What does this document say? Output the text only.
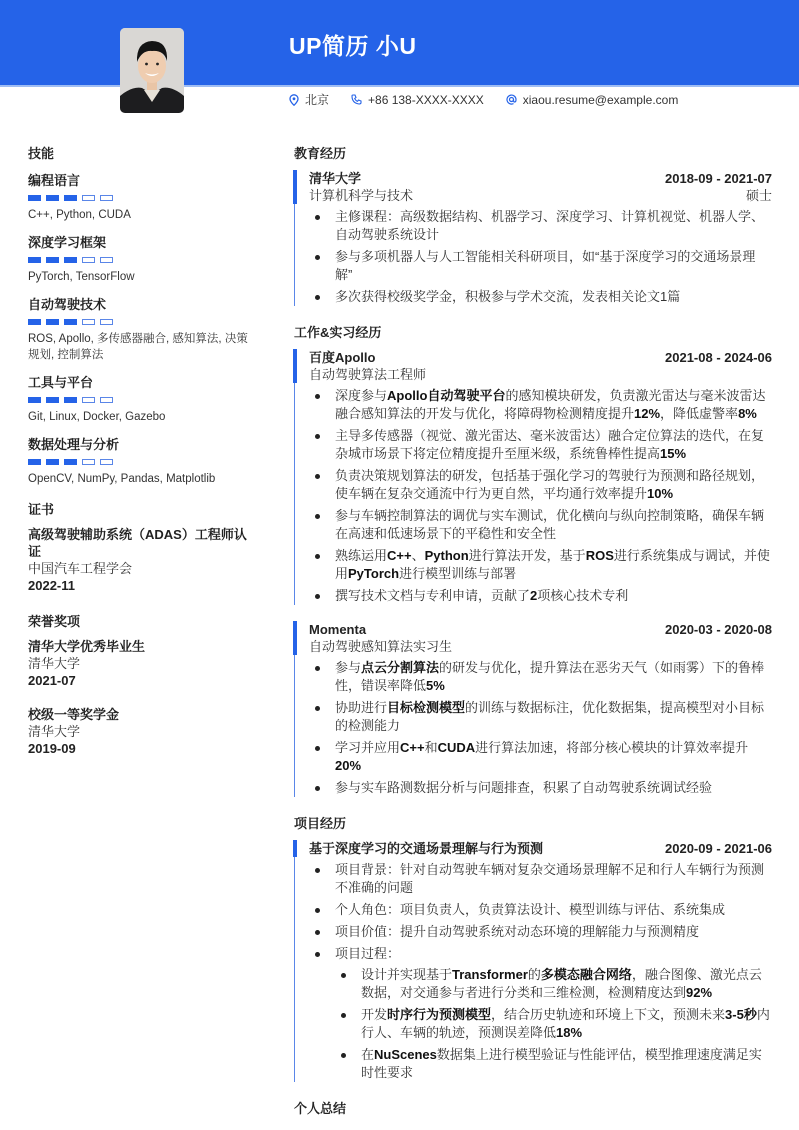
UP简历 小U
北京	+86 138-XXXX-XXXX	xiaou.resume@example.com
技能
编程语言
C++, Python, CUDA
深度学习框架
PyTorch, TensorFlow
自动驾驶技术
ROS, Apollo, 多传感器融合, 感知算法, 决策规划, 控制算法
工具与平台
Git, Linux, Docker, Gazebo
数据处理与分析
OpenCV, NumPy, Pandas, Matplotlib
证书
高级驾驶辅助系统（ADAS）工程师认证
中国汽车工程学会
2022-11
荣誉奖项
清华大学优秀毕业生
清华大学
2021-07
校级一等奖学金
清华大学
2019-09
教育经历
清华大学	2018-09 - 2021-07
计算机科学与技术	硕士
主修课程：高级数据结构、机器学习、深度学习、计算机视觉、机器人学、自动驾驶系统设计
参与多项机器人与人工智能相关科研项目，如“基于深度学习的交通场景理解”
多次获得校级奖学金，积极参与学术交流，发表相关论文1篇
工作&实习经历
百度Apollo	2021-08 - 2024-06
自动驾驶算法工程师
深度参与Apollo自动驾驶平台的感知模块研发，负责激光雷达与毫米波雷达融合感知算法的开发与优化，将障碍物检测精度提升12%，降低虚警率8%
主导多传感器（视觉、激光雷达、毫米波雷达）融合定位算法的迭代，在复杂城市场景下将定位精度提升至厘米级，系统鲁棒性提高15%
负责决策规划算法的研发，包括基于强化学习的驾驶行为预测和路径规划，使车辆在复杂交通流中行为更自然，平均通行效率提升10%
参与车辆控制算法的调优与实车测试，优化横向与纵向控制策略，确保车辆在高速和低速场景下的平稳性和安全性
熟练运用C++、Python进行算法开发，基于ROS进行系统集成与调试，并使用PyTorch进行模型训练与部署
撰写技术文档与专利申请，贡献了2项核心技术专利
Momenta	2020-03 - 2020-08
自动驾驶感知算法实习生
参与点云分割算法的研发与优化，提升算法在恶劣天气（如雨雾）下的鲁棒性，错误率降低5%
协助进行目标检测模型的训练与数据标注，优化数据集，提高模型对小目标的检测能力
学习并应用C++和CUDA进行算法加速，将部分核心模块的计算效率提升20%
参与实车路测数据分析与问题排查，积累了自动驾驶系统调试经验
项目经历
基于深度学习的交通场景理解与行为预测	2020-09 - 2021-06
项目背景：针对自动驾驶车辆对复杂交通场景理解不足和行人车辆行为预测不准确的问题
个人角色：项目负责人，负责算法设计、模型训练与评估、系统集成
项目价值：提升自动驾驶系统对动态环境的理解能力与预测精度
项目过程：
设计并实现基于Transformer的多模态融合网络，融合图像、激光点云数据，对交通参与者进行分类和三维检测，检测精度达到92%
开发时序行为预测模型，结合历史轨迹和环境上下文，预测未来3-5秒内行人、车辆的轨迹，预测误差降低18%
在NuScenes数据集上进行模型验证与性能评估，模型推理速度满足实时性要求
个人总结
